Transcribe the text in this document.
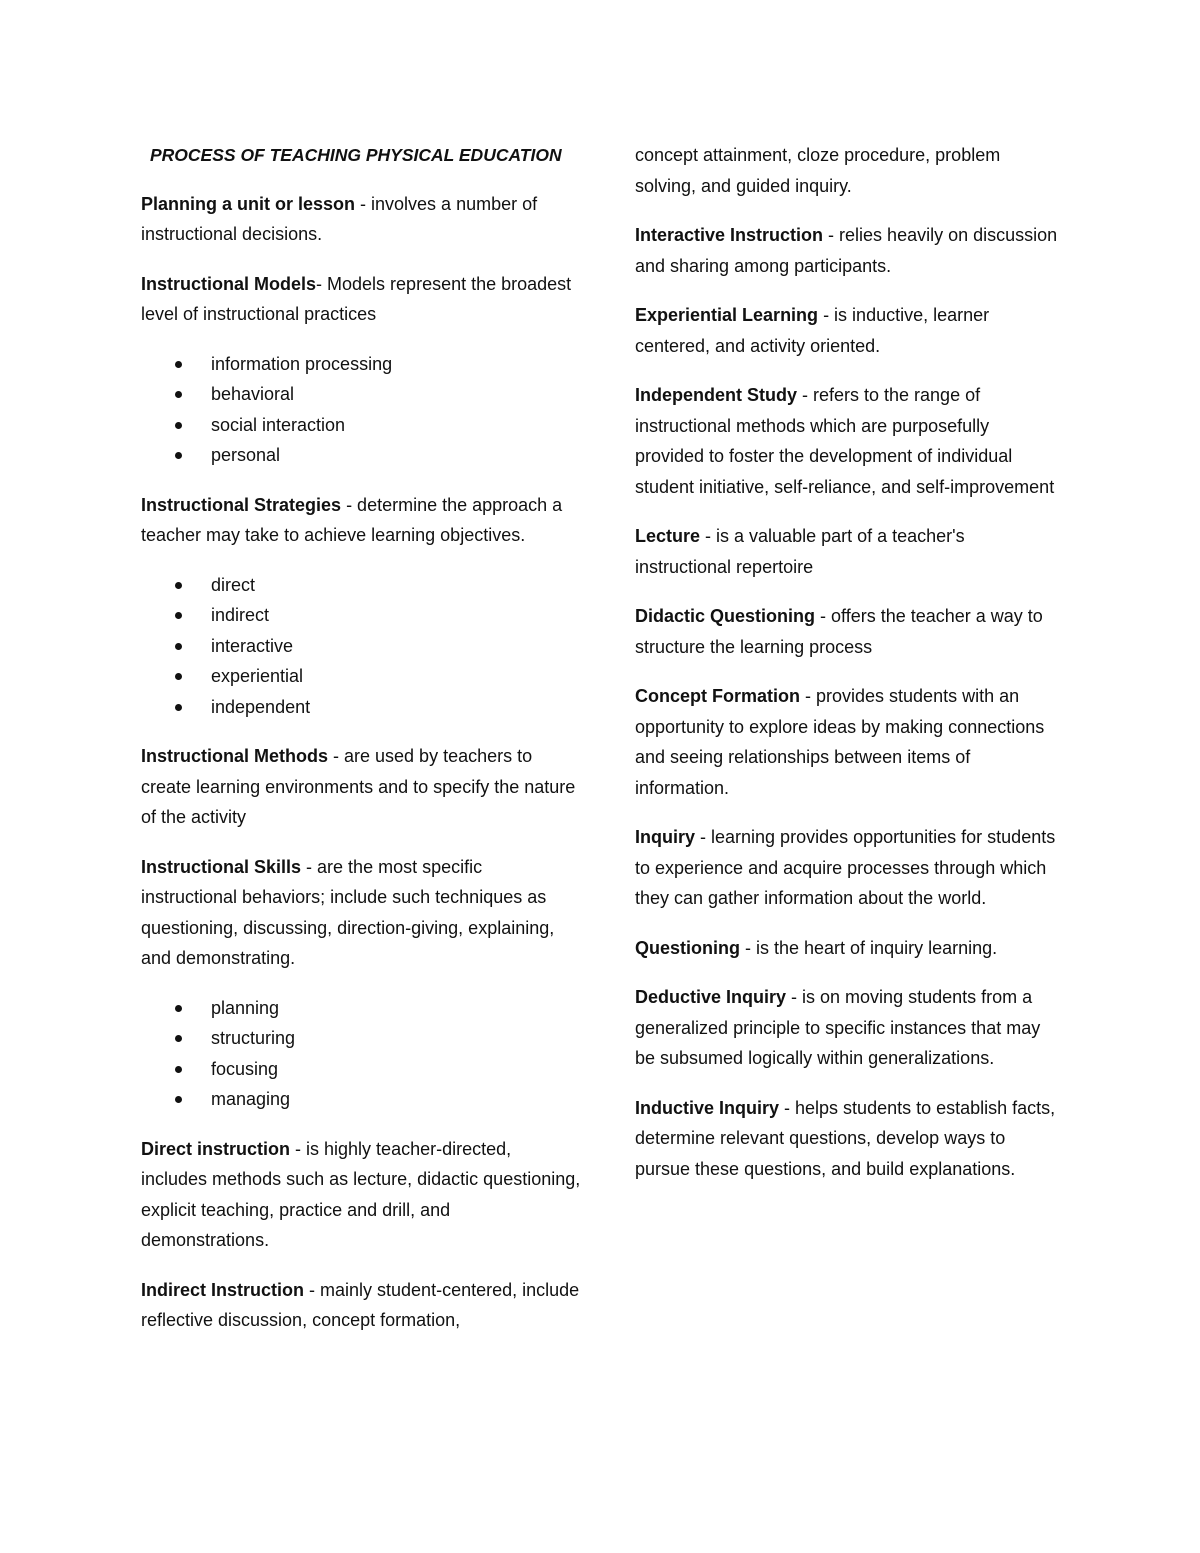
PROCESS OF TEACHING PHYSICAL EDUCATION

Planning a unit or lesson - involves a number of instructional decisions.

Instructional Models- Models represent the broadest level of instructional practices

information processing
behavioral
social interaction
personal

Instructional Strategies - determine the approach a teacher may take to achieve learning objectives.

direct
indirect
interactive
experiential
independent

Instructional Methods - are used by teachers to create learning environments and to specify the nature of the activity

Instructional Skills - are the most specific instructional behaviors; include such techniques as questioning, discussing, direction-giving, explaining, and demonstrating.

planning
structuring
focusing
managing

Direct instruction - is highly teacher-directed, includes methods such as lecture, didactic questioning, explicit teaching, practice and drill, and demonstrations.

Indirect Instruction - mainly student-centered, include reflective discussion, concept formation,

concept attainment, cloze procedure, problem solving, and guided inquiry.

Interactive Instruction - relies heavily on discussion and sharing among participants.

Experiential Learning - is inductive, learner centered, and activity oriented.

Independent Study - refers to the range of instructional methods which are purposefully provided to foster the development of individual student initiative, self-reliance, and self-improvement

Lecture - is a valuable part of a teacher's instructional repertoire

Didactic Questioning - offers the teacher a way to structure the learning process

Concept Formation - provides students with an opportunity to explore ideas by making connections and seeing relationships between items of information.

Inquiry - learning provides opportunities for students to experience and acquire processes through which they can gather information about the world.

Questioning - is the heart of inquiry learning.

Deductive Inquiry - is on moving students from a generalized principle to specific instances that may be subsumed logically within generalizations.

Inductive Inquiry - helps students to establish facts, determine relevant questions, develop ways to pursue these questions, and build explanations.
